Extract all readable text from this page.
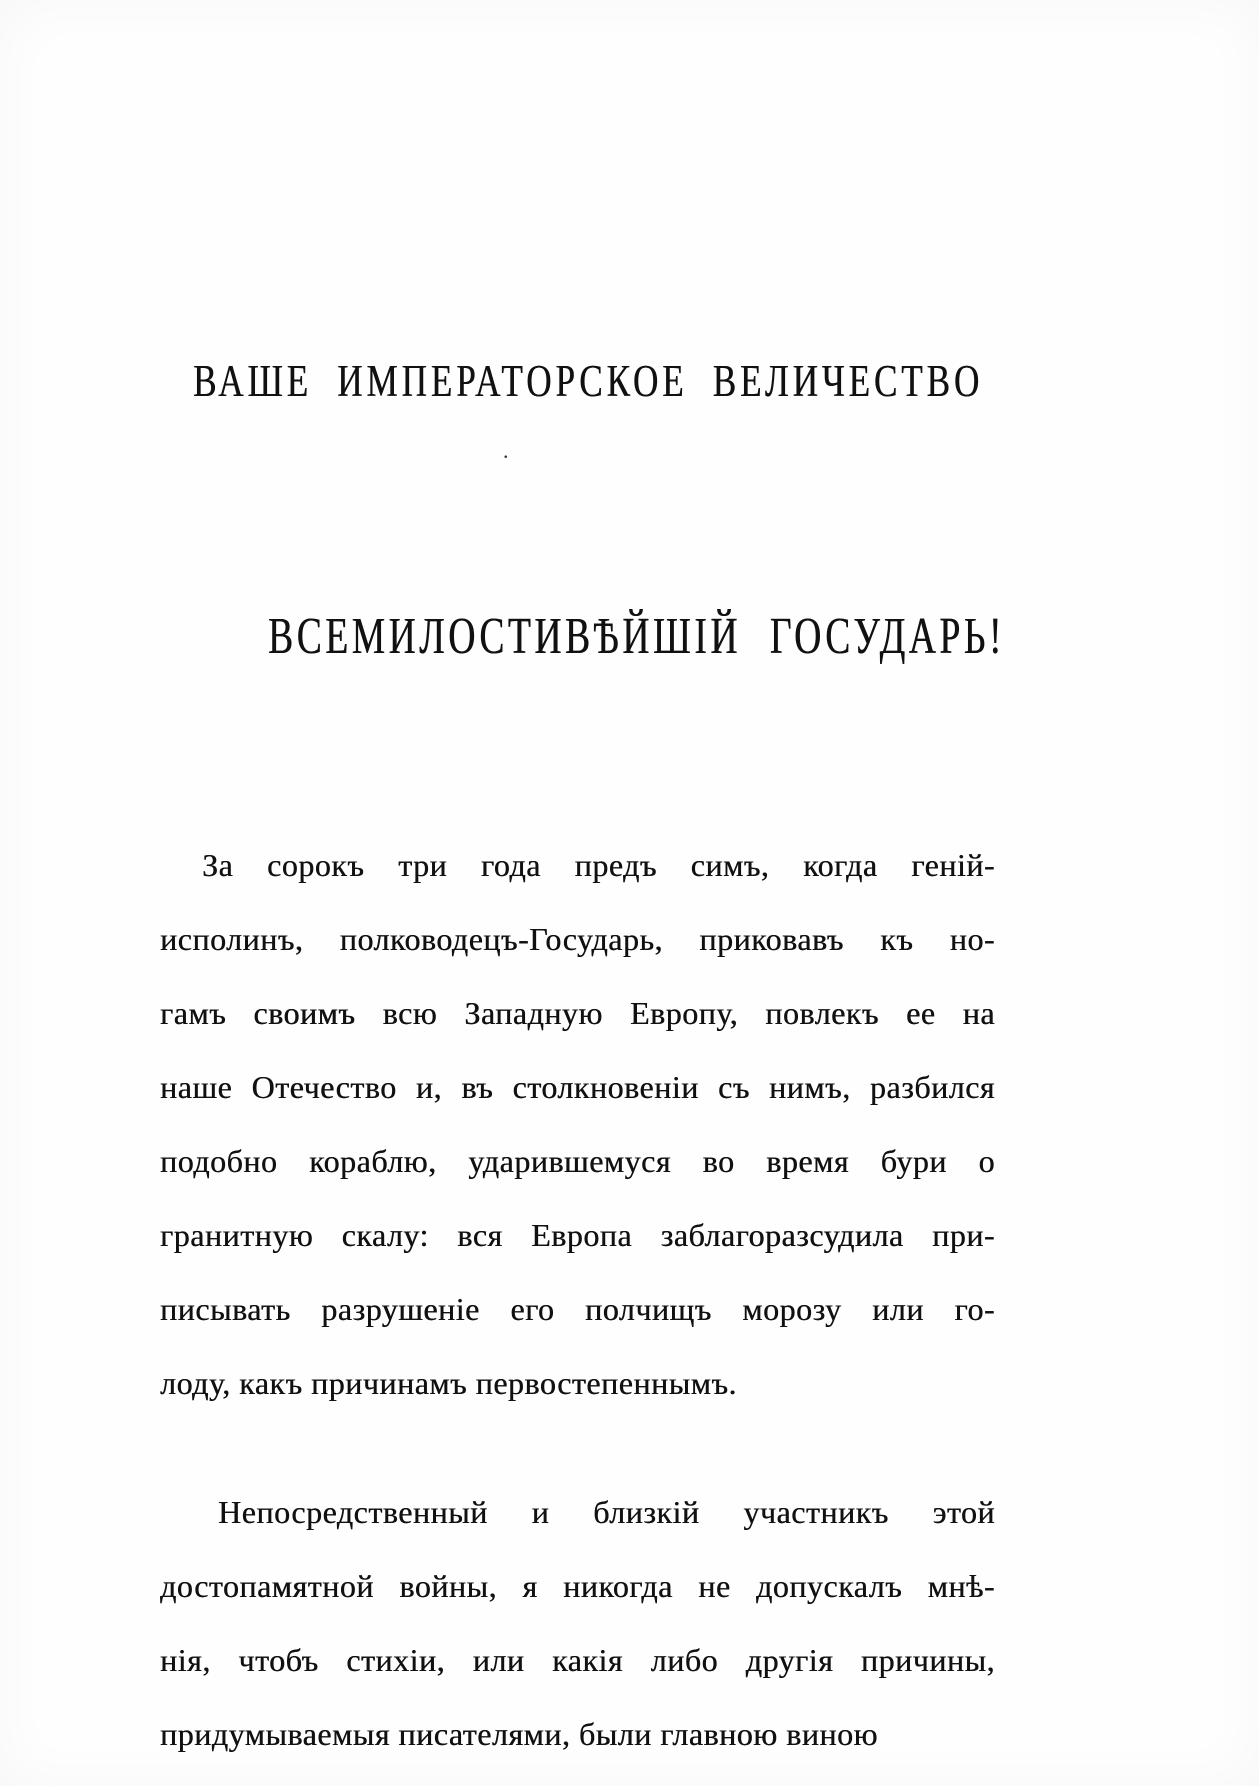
ВАШЕ ИМПЕРАТОРСКОЕ ВЕЛИЧЕСТВО
.
ВСЕМИЛОСТИВѢЙШІЙ ГОСУДАРЬ!
За сорокъ три года предъ симъ, когда геній-
исполинъ, полководецъ-Государь, приковавъ къ но-
гамъ своимъ всю Западную Европу, повлекъ ее на
наше Отечество и, въ столкновеніи съ нимъ, разбился
подобно кораблю, ударившемуся во время бури о
гранитную скалу: вся Европа заблагоразсудила при-
писывать разрушеніе его полчищъ морозу или го-
лоду, какъ причинамъ первостепеннымъ.
Непосредственный и близкій участникъ этой
достопамятной войны, я никогда не допускалъ мнѣ-
нія, чтобъ стихіи, или какія либо другія причины,
придумываемыя писателями, были главною виною
